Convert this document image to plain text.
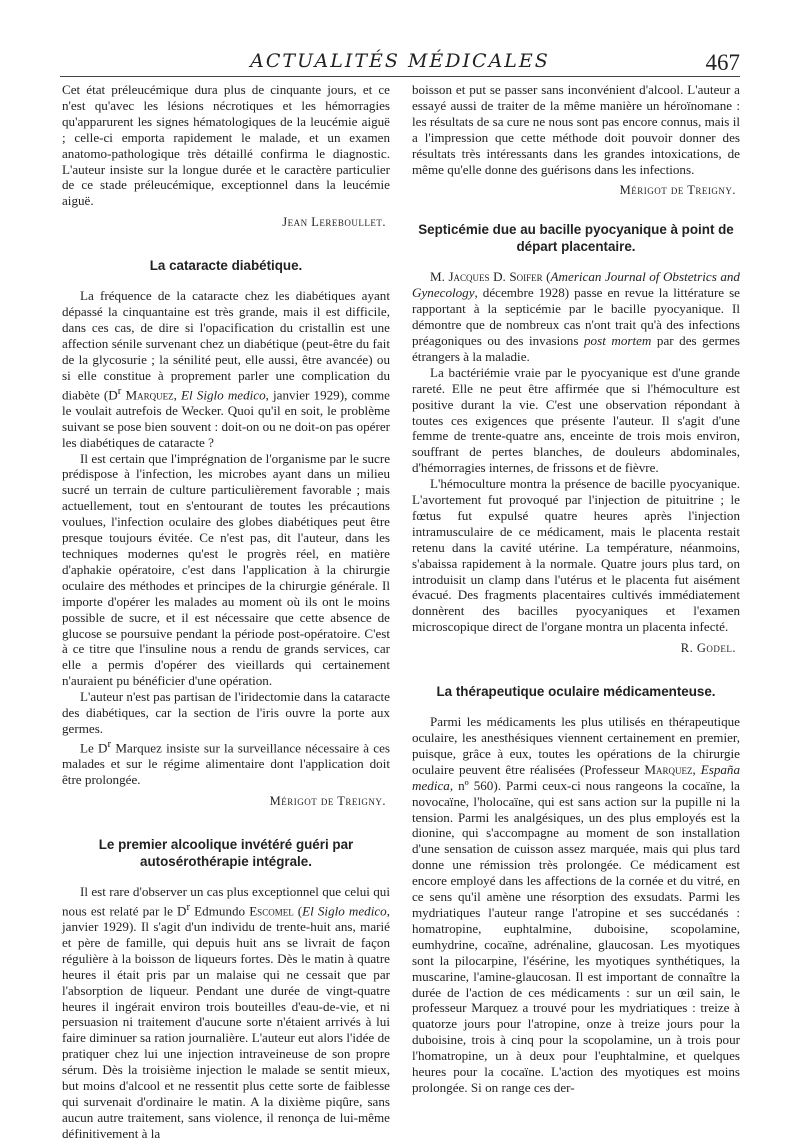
ACTUALITÉS MÉDICALES	467

Cet état préleucémique dura plus de cinquante jours, et ce n'est qu'avec les lésions nécrotiques et les hémorragies qu'apparurent les signes hématologiques de la leucémie aiguë ; celle-ci emporta rapidement le malade, et un examen anatomo-pathologique très détaillé confirma le diagnostic. L'auteur insiste sur la longue durée et le caractère particulier de ce stade préleucémique, exceptionnel dans la leucémie aiguë.

Jean Lereboullet.
La cataracte diabétique.

La fréquence de la cataracte chez les diabétiques ayant dépassé la cinquantaine est très grande, mais il est difficile, dans ces cas, de dire si l'opacification du cristallin est une affection sénile survenant chez un diabétique (peut-être du fait de la glycosurie ; la sénilité peut, elle aussi, être avancée) ou si elle constitue à proprement parler une complication du diabète ($D^r$ Marquez, El Siglo medico, janvier 1929), comme le voulait autrefois de Wecker. Quoi qu'il en soit, le problème suivant se pose bien souvent : doit-on ou ne doit-on pas opérer les diabétiques de cataracte ?

Il est certain que l'imprégnation de l'organisme par le sucre prédispose à l'infection, les microbes ayant dans un milieu sucré un terrain de culture particulièrement favorable ; mais actuellement, tout en s'entourant de toutes les précautions voulues, l'infection oculaire des globes diabétiques peut être presque toujours évitée. Ce n'est pas, dit l'auteur, dans les techniques modernes qu'est le progrès réel, en matière d'aphakie opératoire, c'est dans l'application à la chirurgie oculaire des méthodes et principes de la chirurgie générale. Il importe d'opérer les malades au moment où ils ont le moins possible de sucre, et il est nécessaire que cette absence de glucose se poursuive pendant la période post-opératoire. C'est à ce titre que l'insuline nous a rendu de grands services, car elle a permis d'opérer des vieillards qui certainement n'auraient pu bénéficier d'une opération.

L'auteur n'est pas partisan de l'iridectomie dans la cataracte des diabétiques, car la section de l'iris ouvre la porte aux germes.

Le $D^r$ Marquez insiste sur la surveillance nécessaire à ces malades et sur le régime alimentaire dont l'application doit être prolongée.

Mérigot de Treigny.
Le premier alcoolique invétéré guéri par autosérothérapie intégrale.

Il est rare d'observer un cas plus exceptionnel que celui qui nous est relaté par le $D^r$ Edmundo Escomel (El Siglo medico, janvier 1929). Il s'agit d'un individu de trente-huit ans, marié et père de famille, qui depuis huit ans se livrait de façon régulière à la boisson de liqueurs fortes. Dès le matin à quatre heures il était pris par un malaise qui ne cessait que par l'absorption de liqueur. Pendant une durée de vingt-quatre heures il ingérait environ trois bouteilles d'eau-de-vie, et ni persuasion ni traitement d'aucune sorte n'étaient arrivés à lui faire diminuer sa ration journalière. L'auteur eut alors l'idée de pratiquer chez lui une injection intraveineuse de son propre sérum. Dès la troisième injection le malade se sentit mieux, but moins d'alcool et ne ressentit plus cette sorte de faiblesse qui survenait d'ordinaire le matin. A la dixième piqûre, sans aucun autre traitement, sans violence, il renonça de lui-même définitivement à la

boisson et put se passer sans inconvénient d'alcool. L'auteur a essayé aussi de traiter de la même manière un héroïnomane : les résultats de sa cure ne nous sont pas encore connus, mais il a l'impression que cette méthode doit pouvoir donner des résultats très intéressants dans les grandes intoxications, de même qu'elle donne des guérisons dans les infections.

Mérigot de Treigny.
Septicémie due au bacille pyocyanique à point de départ placentaire.

M. Jacques D. Soifer (American Journal of Obstetrics and Gynecology, décembre 1928) passe en revue la littérature se rapportant à la septicémie par le bacille pyocyanique. Il démontre que de nombreux cas n'ont trait qu'à des infections préagoniques ou des invasions post mortem par des germes étrangers à la maladie.

La bactériémie vraie par le pyocyanique est d'une grande rareté. Elle ne peut être affirmée que si l'hémoculture est positive durant la vie. C'est une observation répondant à toutes ces exigences que présente l'auteur. Il s'agit d'une femme de trente-quatre ans, enceinte de trois mois environ, souffrant de pertes blanches, de douleurs abdominales, d'hémorragies internes, de frissons et de fièvre.

L'hémoculture montra la présence de bacille pyocyanique. L'avortement fut provoqué par l'injection de pituitrine ; le fœtus fut expulsé quatre heures après l'injection intramusculaire de ce médicament, mais le placenta restait retenu dans la cavité utérine. La température, néanmoins, s'abaissa rapidement à la normale. Quatre jours plus tard, on introduisit un clamp dans l'utérus et le placenta fut aisément évacué. Des fragments placentaires cultivés immédiatement donnèrent des bacilles pyocyaniques et l'examen microscopique direct de l'organe montra un placenta infecté.

R. Godel.
La thérapeutique oculaire médicamenteuse.

Parmi les médicaments les plus utilisés en thérapeutique oculaire, les anesthésiques viennent certainement en premier, puisque, grâce à eux, toutes les opérations de la chirurgie oculaire peuvent être réalisées (Professeur Marquez, España medica, nº 560). Parmi ceux-ci nous rangeons la cocaïne, la novocaïne, l'holocaïne, qui est sans action sur la pupille ni la tension. Parmi les analgésiques, un des plus employés est la dionine, qui s'accompagne au moment de son installation d'une sensation de cuisson assez marquée, mais qui plus tard donne une rémission très prolongée. Ce médicament est encore employé dans les affections de la cornée et du vitré, en ce sens qu'il amène une résorption des exsudats. Parmi les mydriatiques l'auteur range l'atropine et ses succédanés : homatropine, euphtalmine, duboisine, scopolamine, eumhydrine, cocaïne, adrénaline, glaucosan. Les myotiques sont la pilocarpine, l'ésérine, les myotiques synthétiques, la muscarine, l'amine-glaucosan. Il est important de connaître la durée de l'action de ces médicaments : sur un œil sain, le professeur Marquez a trouvé pour les mydriatiques : treize à quatorze jours pour l'atropine, onze à treize jours pour la duboisine, trois à cinq pour la scopolamine, un à trois pour l'homatropine, un à deux pour l'euphtalmine, et quelques heures pour la cocaïne. L'action des myotiques est moins prolongée. Si on range ces der-
